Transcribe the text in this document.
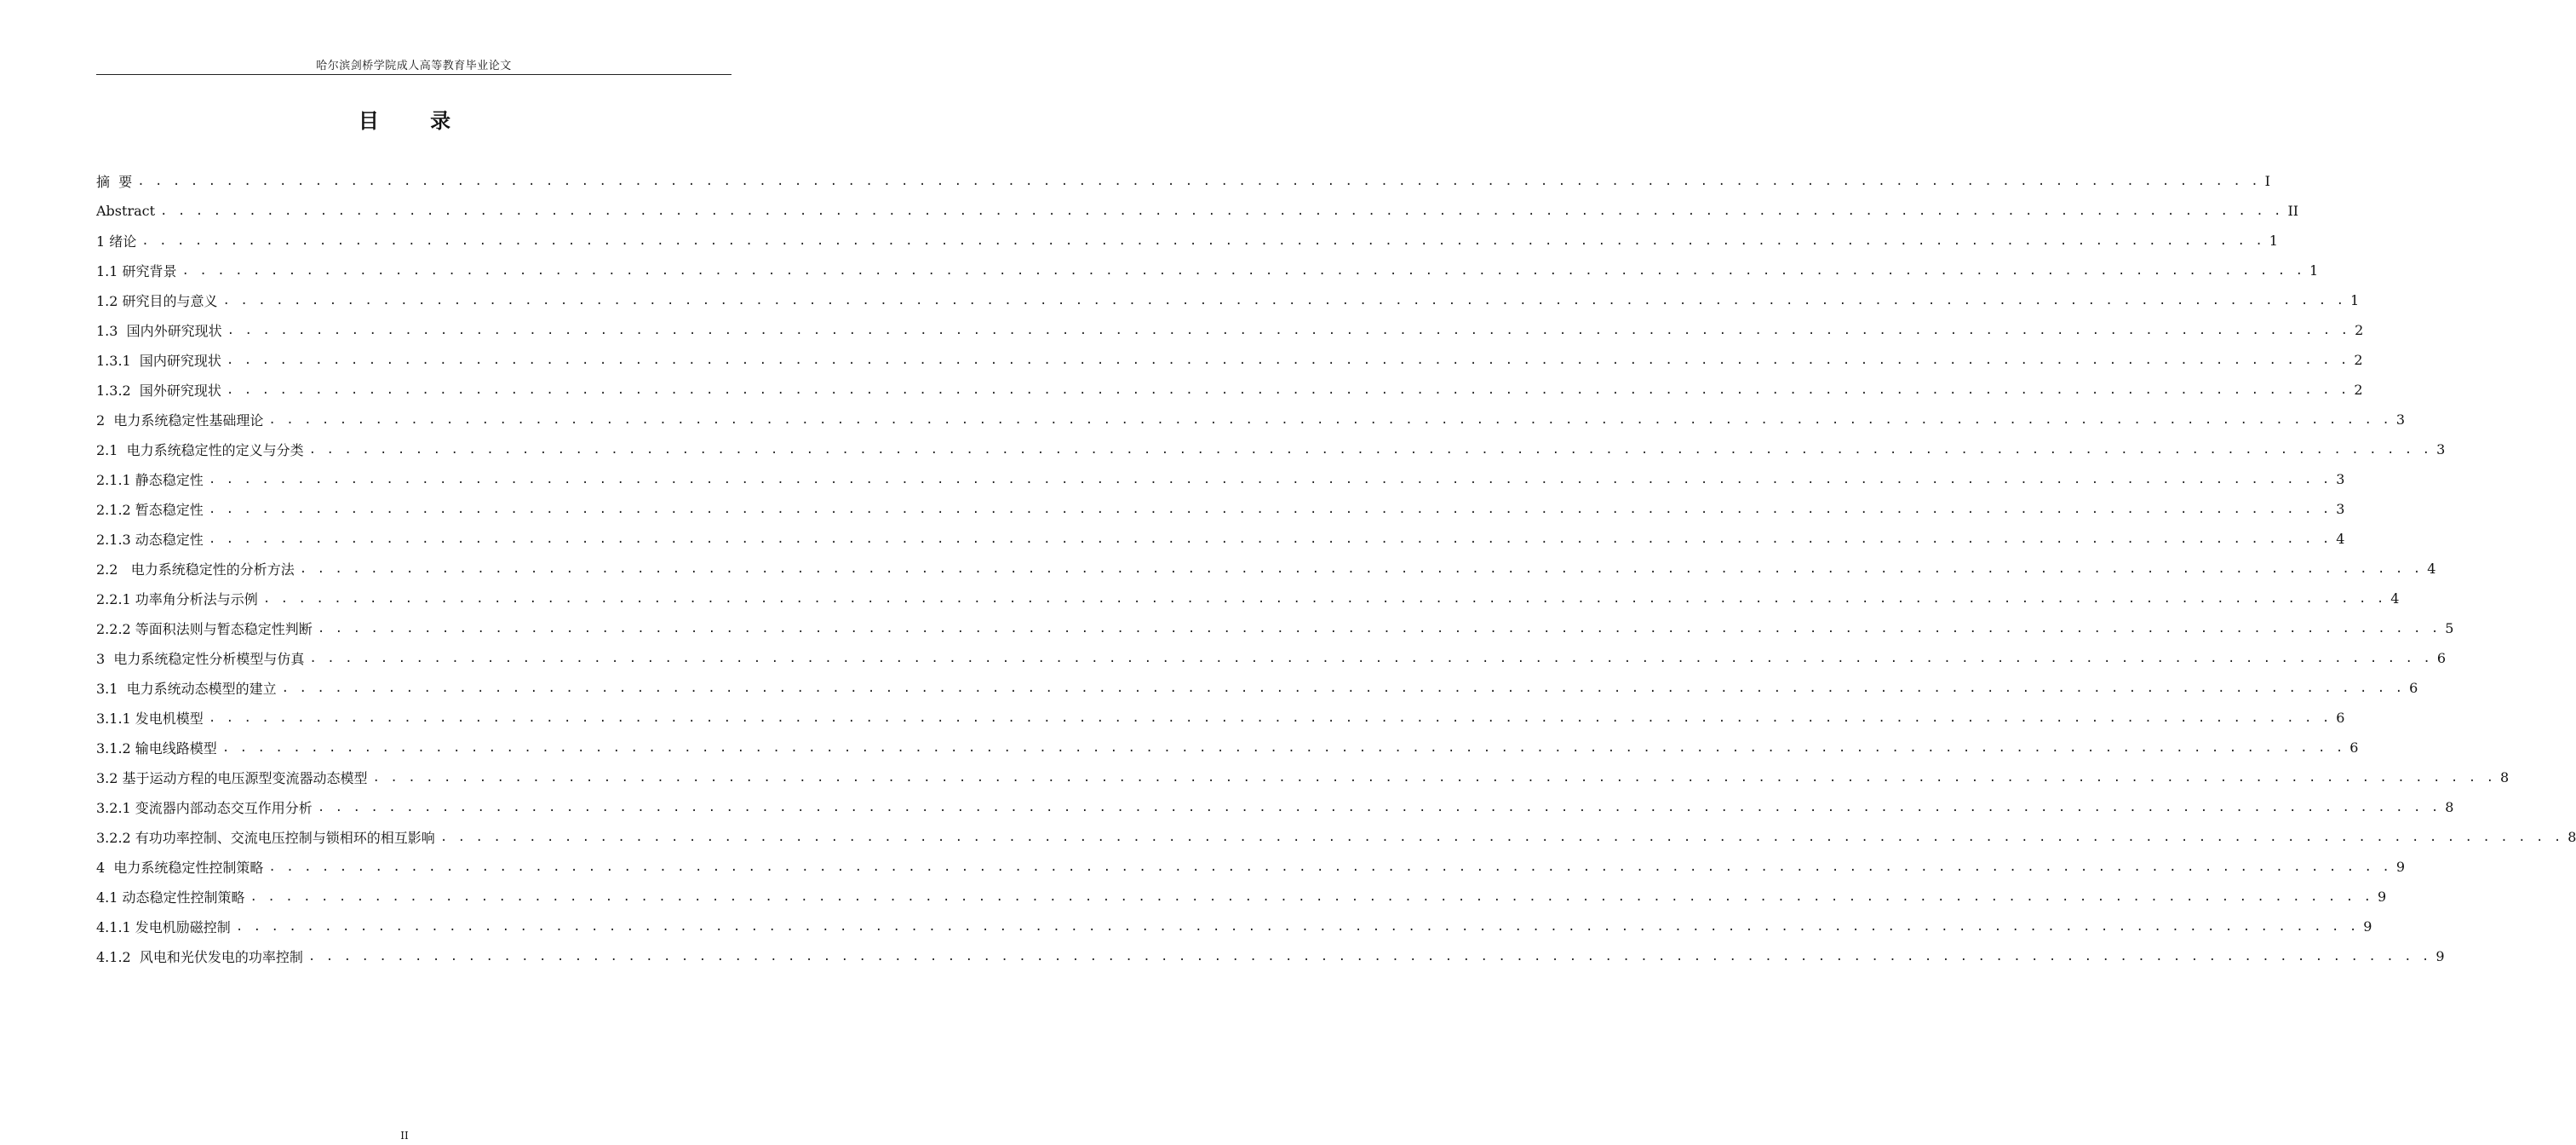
哈尔滨剑桥学院成人高等教育毕业论文
目 录
摘  要 . . . . . . . . . . . . . . . . . . . . . . . . . . . . . . . . . . . . . . . . . . . . . . . . . . . . . . . . . . . . . . . . . . . . . . . . . . . . . . . . . . . . . . . . . . . . . . . . . . . . . . . . . . . . . . . . . . . . . . . . I
Abstract . . . . . . . . . . . . . . . . . . . . . . . . . . . . . . . . . . . . . . . . . . . . . . . . . . . . . . . . . . . . . . . . . . . . . . . . . . . . . . . . . . . . . . . . . . . . . . . . . . . . . . . . . . . . . . . . . . . . . . . . II
1 绪论 . . . . . . . . . . . . . . . . . . . . . . . . . . . . . . . . . . . . . . . . . . . . . . . . . . . . . . . . . . . . . . . . . . . . . . . . . . . . . . . . . . . . . . . . . . . . . . . . . . . . . . . . . . . . . . . . . . . . . . . . 1
1.1 研究背景 . . . . . . . . . . . . . . . . . . . . . . . . . . . . . . . . . . . . . . . . . . . . . . . . . . . . . . . . . . . . . . . . . . . . . . . . . . . . . . . . . . . . . . . . . . . . . . . . . . . . . . . . . . . . . . . . . . . . . . . . 1
1.2 研究目的与意义 . . . . . . . . . . . . . . . . . . . . . . . . . . . . . . . . . . . . . . . . . . . . . . . . . . . . . . . . . . . . . . . . . . . . . . . . . . . . . . . . . . . . . . . . . . . . . . . . . . . . . . . . . . . . . . . . . . . . . . . . 1
1.3  国内外研究现状 . . . . . . . . . . . . . . . . . . . . . . . . . . . . . . . . . . . . . . . . . . . . . . . . . . . . . . . . . . . . . . . . . . . . . . . . . . . . . . . . . . . . . . . . . . . . . . . . . . . . . . . . . . . . . . . . . . . . . . . . 2
1.3.1  国内研究现状 . . . . . . . . . . . . . . . . . . . . . . . . . . . . . . . . . . . . . . . . . . . . . . . . . . . . . . . . . . . . . . . . . . . . . . . . . . . . . . . . . . . . . . . . . . . . . . . . . . . . . . . . . . . . . . . . . . . . . . . . 2
1.3.2  国外研究现状 . . . . . . . . . . . . . . . . . . . . . . . . . . . . . . . . . . . . . . . . . . . . . . . . . . . . . . . . . . . . . . . . . . . . . . . . . . . . . . . . . . . . . . . . . . . . . . . . . . . . . . . . . . . . . . . . . . . . . . . . 2
2  电力系统稳定性基础理论 . . . . . . . . . . . . . . . . . . . . . . . . . . . . . . . . . . . . . . . . . . . . . . . . . . . . . . . . . . . . . . . . . . . . . . . . . . . . . . . . . . . . . . . . . . . . . . . . . . . . . . . . . . . . . . . . . . . . . . . . 3
2.1  电力系统稳定性的定义与分类 . . . . . . . . . . . . . . . . . . . . . . . . . . . . . . . . . . . . . . . . . . . . . . . . . . . . . . . . . . . . . . . . . . . . . . . . . . . . . . . . . . . . . . . . . . . . . . . . . . . . . . . . . . . . . . . . . . . . . . . . 3
2.1.1 静态稳定性 . . . . . . . . . . . . . . . . . . . . . . . . . . . . . . . . . . . . . . . . . . . . . . . . . . . . . . . . . . . . . . . . . . . . . . . . . . . . . . . . . . . . . . . . . . . . . . . . . . . . . . . . . . . . . . . . . . . . . . . . 3
2.1.2 暂态稳定性 . . . . . . . . . . . . . . . . . . . . . . . . . . . . . . . . . . . . . . . . . . . . . . . . . . . . . . . . . . . . . . . . . . . . . . . . . . . . . . . . . . . . . . . . . . . . . . . . . . . . . . . . . . . . . . . . . . . . . . . . 3
2.1.3 动态稳定性 . . . . . . . . . . . . . . . . . . . . . . . . . . . . . . . . . . . . . . . . . . . . . . . . . . . . . . . . . . . . . . . . . . . . . . . . . . . . . . . . . . . . . . . . . . . . . . . . . . . . . . . . . . . . . . . . . . . . . . . . 4
2.2   电力系统稳定性的分析方法 . . . . . . . . . . . . . . . . . . . . . . . . . . . . . . . . . . . . . . . . . . . . . . . . . . . . . . . . . . . . . . . . . . . . . . . . . . . . . . . . . . . . . . . . . . . . . . . . . . . . . . . . . . . . . . . . . . . . . . . . 4
2.2.1 功率角分析法与示例 . . . . . . . . . . . . . . . . . . . . . . . . . . . . . . . . . . . . . . . . . . . . . . . . . . . . . . . . . . . . . . . . . . . . . . . . . . . . . . . . . . . . . . . . . . . . . . . . . . . . . . . . . . . . . . . . . . . . . . . . 4
2.2.2 等面积法则与暂态稳定性判断 . . . . . . . . . . . . . . . . . . . . . . . . . . . . . . . . . . . . . . . . . . . . . . . . . . . . . . . . . . . . . . . . . . . . . . . . . . . . . . . . . . . . . . . . . . . . . . . . . . . . . . . . . . . . . . . . . . . . . . . . 5
3  电力系统稳定性分析模型与仿真 . . . . . . . . . . . . . . . . . . . . . . . . . . . . . . . . . . . . . . . . . . . . . . . . . . . . . . . . . . . . . . . . . . . . . . . . . . . . . . . . . . . . . . . . . . . . . . . . . . . . . . . . . . . . . . . . . . . . . . . . 6
3.1  电力系统动态模型的建立 . . . . . . . . . . . . . . . . . . . . . . . . . . . . . . . . . . . . . . . . . . . . . . . . . . . . . . . . . . . . . . . . . . . . . . . . . . . . . . . . . . . . . . . . . . . . . . . . . . . . . . . . . . . . . . . . . . . . . . . . 6
3.1.1 发电机模型 . . . . . . . . . . . . . . . . . . . . . . . . . . . . . . . . . . . . . . . . . . . . . . . . . . . . . . . . . . . . . . . . . . . . . . . . . . . . . . . . . . . . . . . . . . . . . . . . . . . . . . . . . . . . . . . . . . . . . . . . 6
3.1.2 输电线路模型 . . . . . . . . . . . . . . . . . . . . . . . . . . . . . . . . . . . . . . . . . . . . . . . . . . . . . . . . . . . . . . . . . . . . . . . . . . . . . . . . . . . . . . . . . . . . . . . . . . . . . . . . . . . . . . . . . . . . . . . . 6
3.2 基于运动方程的电压源型变流器动态模型 . . . . . . . . . . . . . . . . . . . . . . . . . . . . . . . . . . . . . . . . . . . . . . . . . . . . . . . . . . . . . . . . . . . . . . . . . . . . . . . . . . . . . . . . . . . . . . . . . . . . . . . . . . . . . . . . . . . . . . . . 8
3.2.1 变流器内部动态交互作用分析 . . . . . . . . . . . . . . . . . . . . . . . . . . . . . . . . . . . . . . . . . . . . . . . . . . . . . . . . . . . . . . . . . . . . . . . . . . . . . . . . . . . . . . . . . . . . . . . . . . . . . . . . . . . . . . . . . . . . . . . . 8
3.2.2 有功功率控制、交流电压控制与锁相环的相互影响 . . . . . . . . . . . . . . . . . . . . . . . . . . . . . . . . . . . . . . . . . . . . . . . . . . . . . . . . . . . . . . . . . . . . . . . . . . . . . . . . . . . . . . . . . . . . . . . . . . . . . . . . . . . . . . . . . . . . . . . . 8
4  电力系统稳定性控制策略 . . . . . . . . . . . . . . . . . . . . . . . . . . . . . . . . . . . . . . . . . . . . . . . . . . . . . . . . . . . . . . . . . . . . . . . . . . . . . . . . . . . . . . . . . . . . . . . . . . . . . . . . . . . . . . . . . . . . . . . . 9
4.1 动态稳定性控制策略 . . . . . . . . . . . . . . . . . . . . . . . . . . . . . . . . . . . . . . . . . . . . . . . . . . . . . . . . . . . . . . . . . . . . . . . . . . . . . . . . . . . . . . . . . . . . . . . . . . . . . . . . . . . . . . . . . . . . . . . . 9
4.1.1 发电机励磁控制 . . . . . . . . . . . . . . . . . . . . . . . . . . . . . . . . . . . . . . . . . . . . . . . . . . . . . . . . . . . . . . . . . . . . . . . . . . . . . . . . . . . . . . . . . . . . . . . . . . . . . . . . . . . . . . . . . . . . . . . . 9
4.1.2  风电和光伏发电的功率控制 . . . . . . . . . . . . . . . . . . . . . . . . . . . . . . . . . . . . . . . . . . . . . . . . . . . . . . . . . . . . . . . . . . . . . . . . . . . . . . . . . . . . . . . . . . . . . . . . . . . . . . . . . . . . . . . . . . . . . . . . 9
II
